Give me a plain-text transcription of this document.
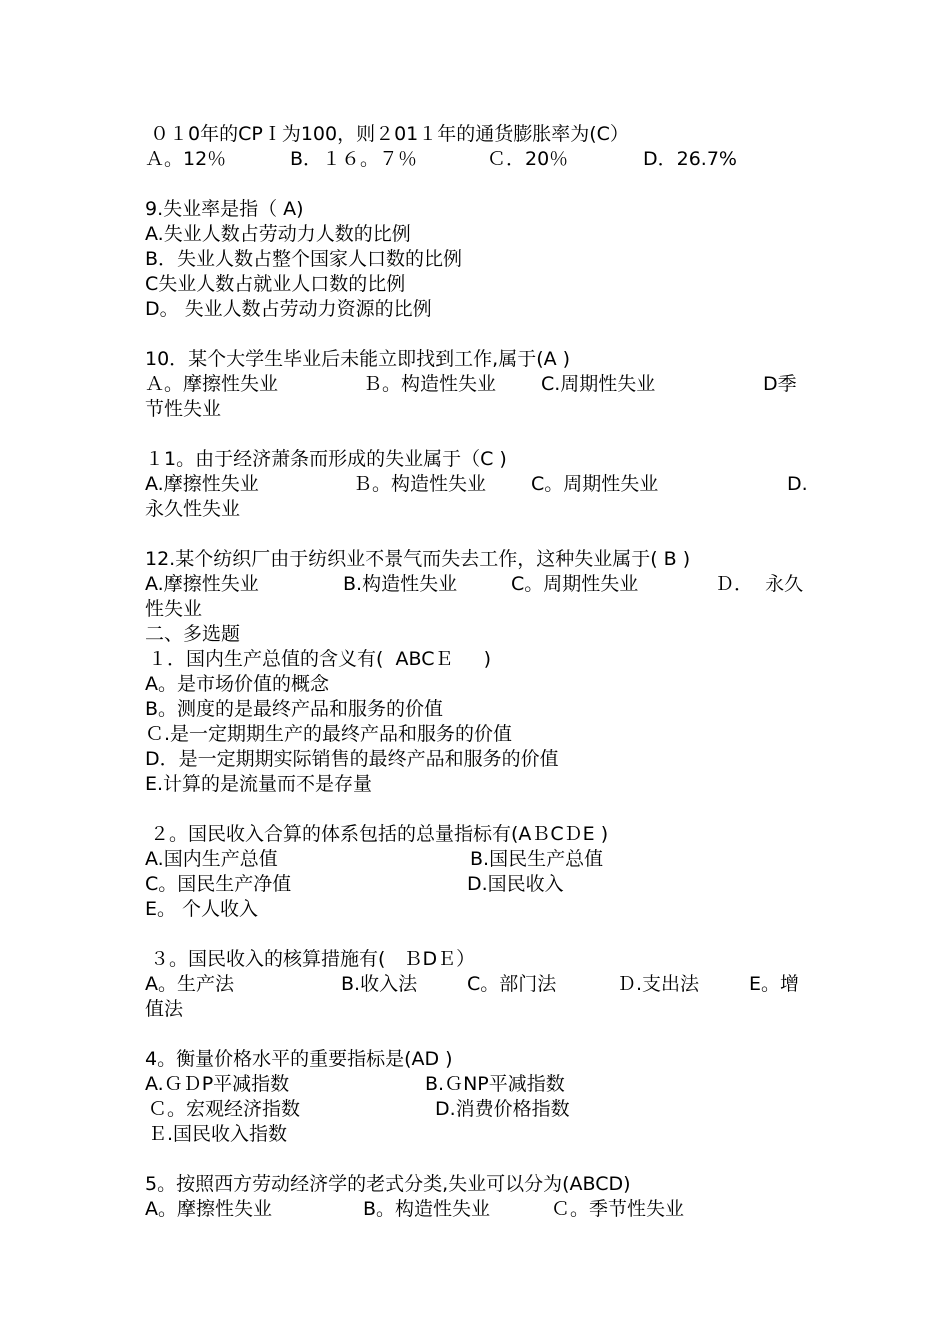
０１0年的CPＩ为100，则２01１年的通货膨胀率为(C）

Ａ。12％

	B．１６。７％

	Ｃ．20％

	D．26.7%

9.失业率是指（ A)
A.失业人数占劳动力人数的比例
B．失业人数占整个国家人口数的比例
C失业人数占就业人口数的比例
D。 失业人数占劳动力资源的比例
10．某个大学生毕业后未能立即找到工作,属于(A )

Ａ。摩擦性失业

	Ｂ。构造性失业

C.周期性失业

	D季

节性失业
１1。由于经济萧条而形成的失业属于（C )

A.摩擦性失业

	Ｂ。构造性失业

C。周期性失业

	D.

永久性失业
12.某个纺织厂由于纺织业不景气而失去工作，这种失业属于( B )

A.摩擦性失业

	B.构造性失业

	C。周期性失业

	Ｄ．  永久

性失业
二、多选题
１．国内生产总值的含义有(  ABCＥ     )
A。是市场价值的概念
B。测度的是最终产品和服务的价值
Ｃ.是一定期期生产的最终产品和服务的价值
D．是一定期期实际销售的最终产品和服务的价值
E.计算的是流量而不是存量
２。国民收入合算的体系包括的总量指标有(AＢCＤE )

A.国内生产总值

	B.国民生产总值

C。国民生产净值

	D.国民收入

E。 个人收入
３。国民收入的核算措施有(   ＢDＥ）

A。生产法

	B.收入法

	C。部门法

	Ｄ.支出法

	E。增

值法
4。衡量价格水平的重要指标是(AD )

A.ＧＤP平减指数

	B.ＧNP平减指数

Ｃ。宏观经济指数

	D.消费价格指数

Ｅ.国民收入指数
5。按照西方劳动经济学的老式分类,失业可以分为(ABCD)

A。摩擦性失业

	B。构造性失业

	Ｃ。季节性失业
